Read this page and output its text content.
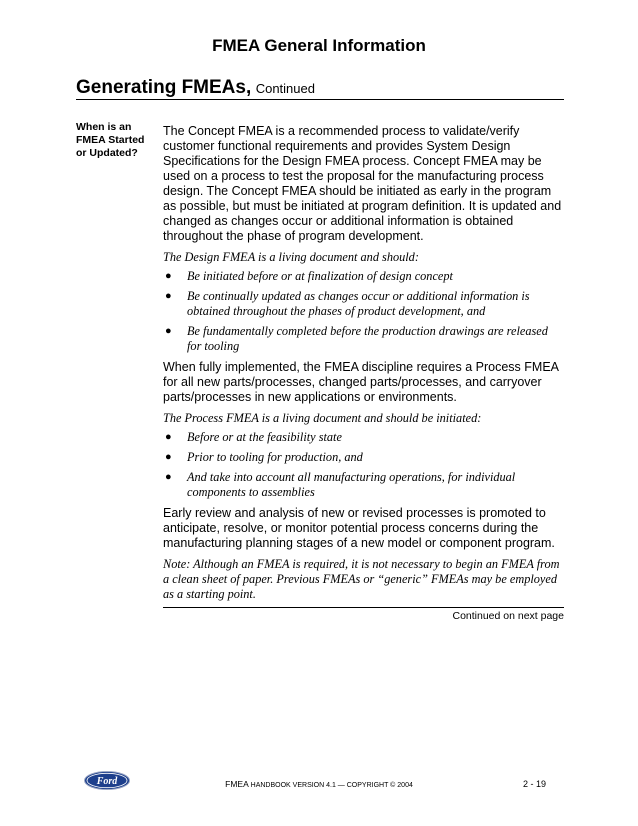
FMEA General Information
Generating FMEAs, Continued
When is an
FMEA Started
or Updated?

The Concept FMEA is a recommended process to validate/verify customer functional requirements and provides System Design Specifications for the Design FMEA process. Concept FMEA may be used on a process to test the proposal for the manufacturing process design. The Concept FMEA should be initiated as early in the program as possible, but must be initiated at program definition. It is updated and changed as changes occur or additional information is obtained throughout the phase of program development.

The Design FMEA is a living document and should:

● Be initiated before or at finalization of design concept
● Be continually updated as changes occur or additional information is obtained throughout the phases of product development, and
● Be fundamentally completed before the production drawings are released for tooling

When fully implemented, the FMEA discipline requires a Process FMEA for all new parts/processes, changed parts/processes, and carryover parts/processes in new applications or environments.

The Process FMEA is a living document and should be initiated:

● Before or at the feasibility state
● Prior to tooling for production, and
● And take into account all manufacturing operations, for individual components to assemblies

Early review and analysis of new or revised processes is promoted to anticipate, resolve, or monitor potential process concerns during the manufacturing planning stages of a new model or component program.

Note: Although an FMEA is required, it is not necessary to begin an FMEA from a clean sheet of paper. Previous FMEAs or “generic” FMEAs may be employed as a starting point.

Continued on next page
Ford	FMEA HANDBOOK VERSION 4.1 — COPYRIGHT © 2004	2 - 19
